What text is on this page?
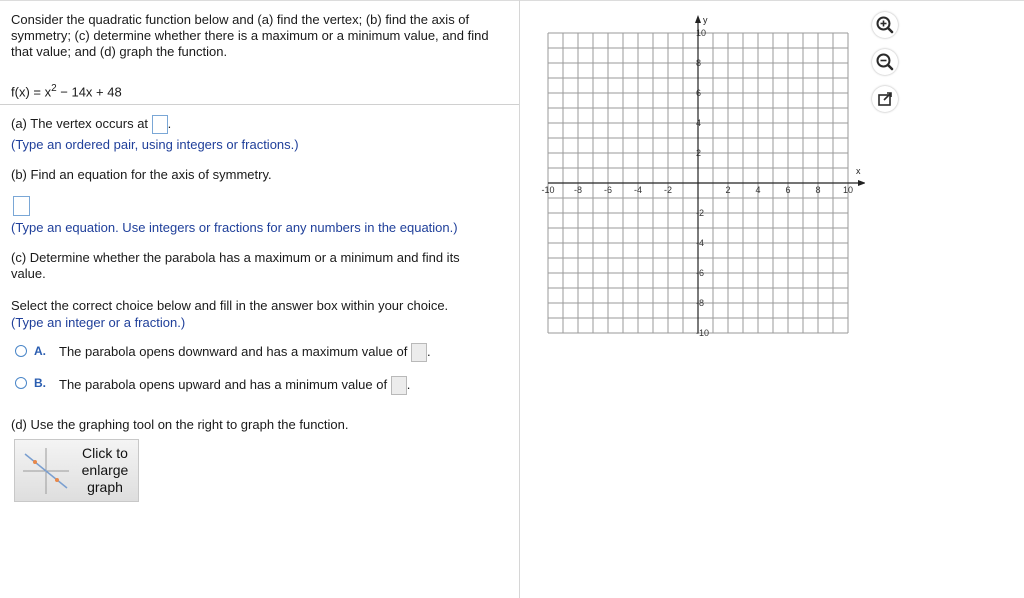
Consider the quadratic function below and (a) find the vertex; (b) find the axis of symmetry; (c) determine whether there is a maximum or a minimum value, and find that value; and (d) graph the function.

$f(x) = x^2 - 14x + 48$
(a) The vertex occurs at .

(Type an ordered pair, using integers or fractions.)

(b) Find an equation for the axis of symmetry.

(Type an equation. Use integers or fractions for any numbers in the equation.)

(c) Determine whether the parabola has a maximum or a minimum and find its

value.

Select the correct choice below and fill in the answer box within your choice.

(Type an integer or a fraction.)

A. The parabola opens downward and has a maximum value of .
B. The parabola opens upward and has a minimum value of .

(d) Use the graphing tool on the right to graph the function.

Click to
enlarge
graph
x
y
-10 -8 -6 -4 -2	2	4	6	8 10
10
8
6
4
2
-2
-4
-6
-8
-10
